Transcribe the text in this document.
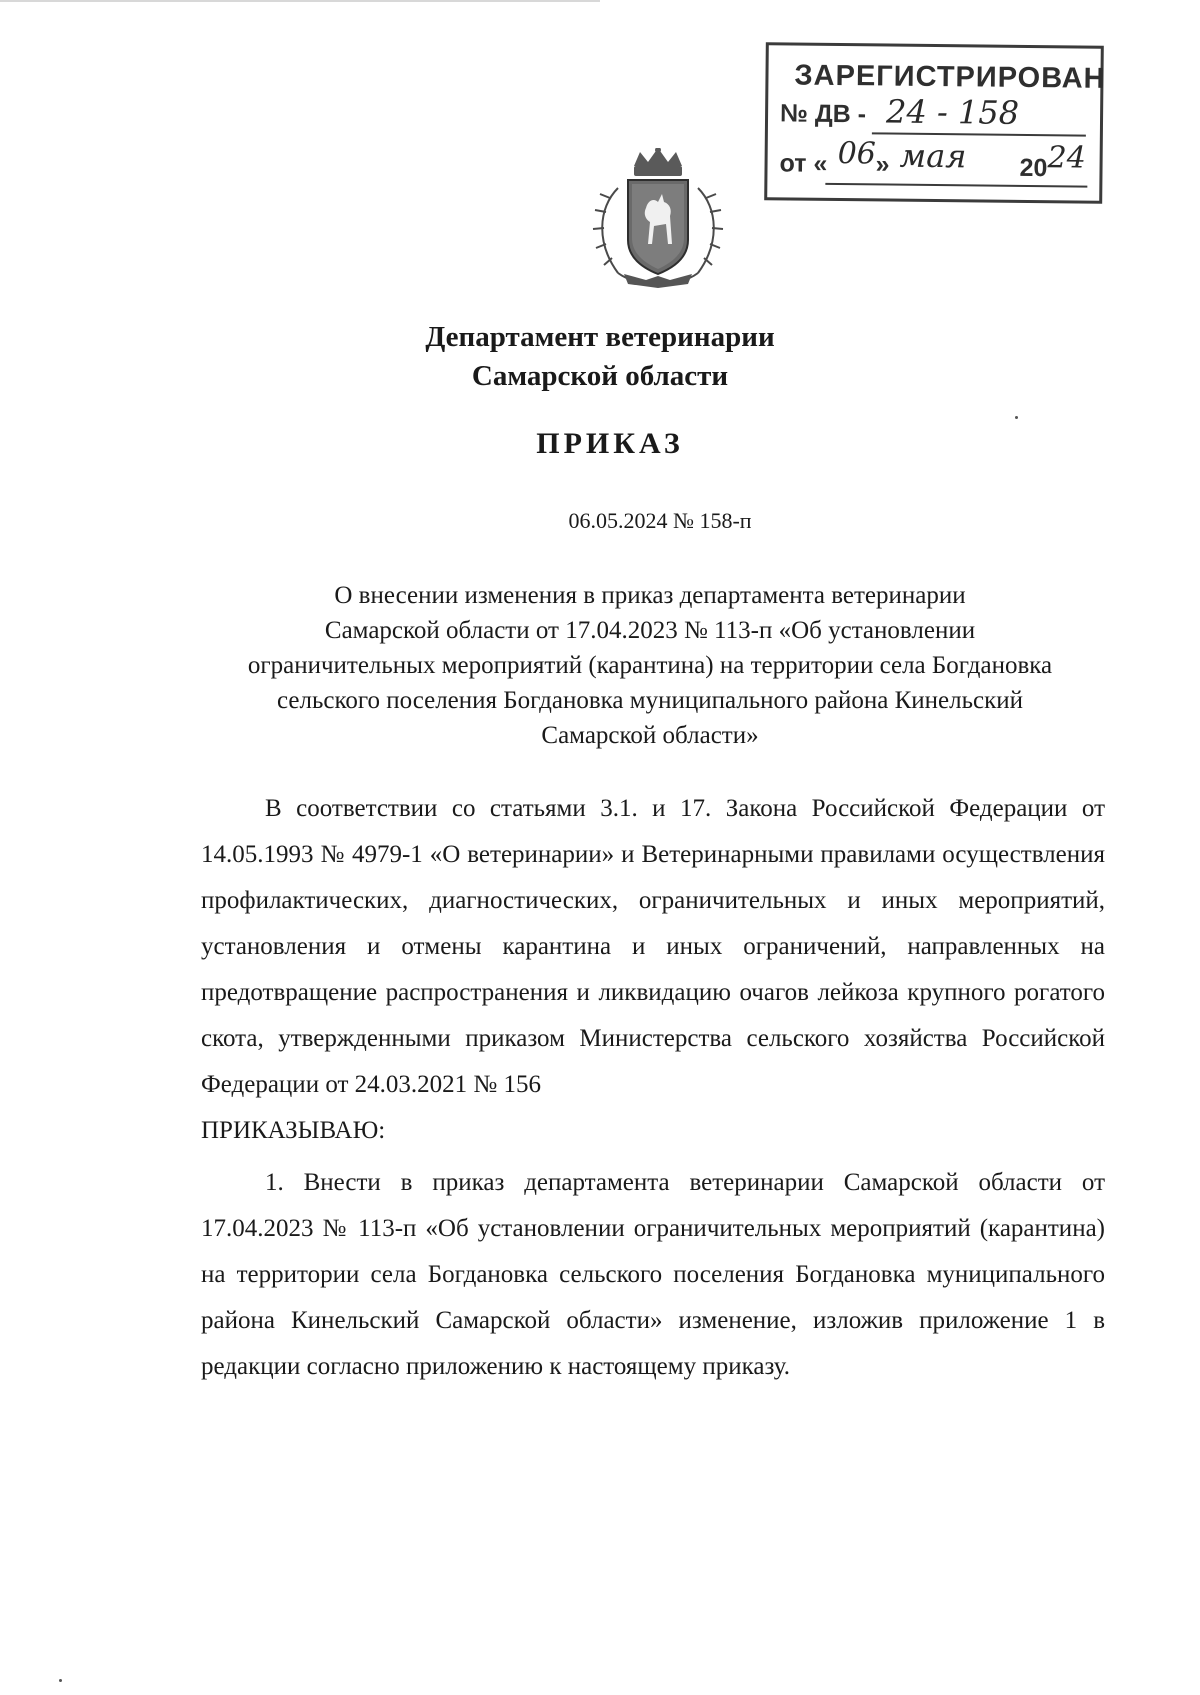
ЗАРЕГИСТРИРОВАН
№ ДВ - 24 - 158
от « 06 » мая 20 24
Департамент ветеринарии
Самарской области
ПРИКАЗ
06.05.2024 № 158-п
О внесении изменения в приказ департамента ветеринарии
Самарской области от 17.04.2023 № 113-п «Об установлении
ограничительных мероприятий (карантина) на территории села Богдановка
сельского поселения Богдановка муниципального района Кинельский
Самарской области»
В соответствии со статьями 3.1. и 17. Закона Российской Федерации от 14.05.1993 № 4979-1 «О ветеринарии» и Ветеринарными правилами осуществления профилактических, диагностических, ограничительных и иных мероприятий, установления и отмены карантина и иных ограничений, направленных на предотвращение распространения и ликвидацию очагов лейкоза крупного рогатого скота, утвержденными приказом Министерства сельского хозяйства Российской Федерации от 24.03.2021 № 156
ПРИКАЗЫВАЮ:
1. Внести в приказ департамента ветеринарии Самарской области от 17.04.2023 № 113-п «Об установлении ограничительных мероприятий (карантина) на территории села Богдановка сельского поселения Богдановка муниципального района Кинельский Самарской области» изменение, изложив приложение 1 в редакции согласно приложению к настоящему приказу.
